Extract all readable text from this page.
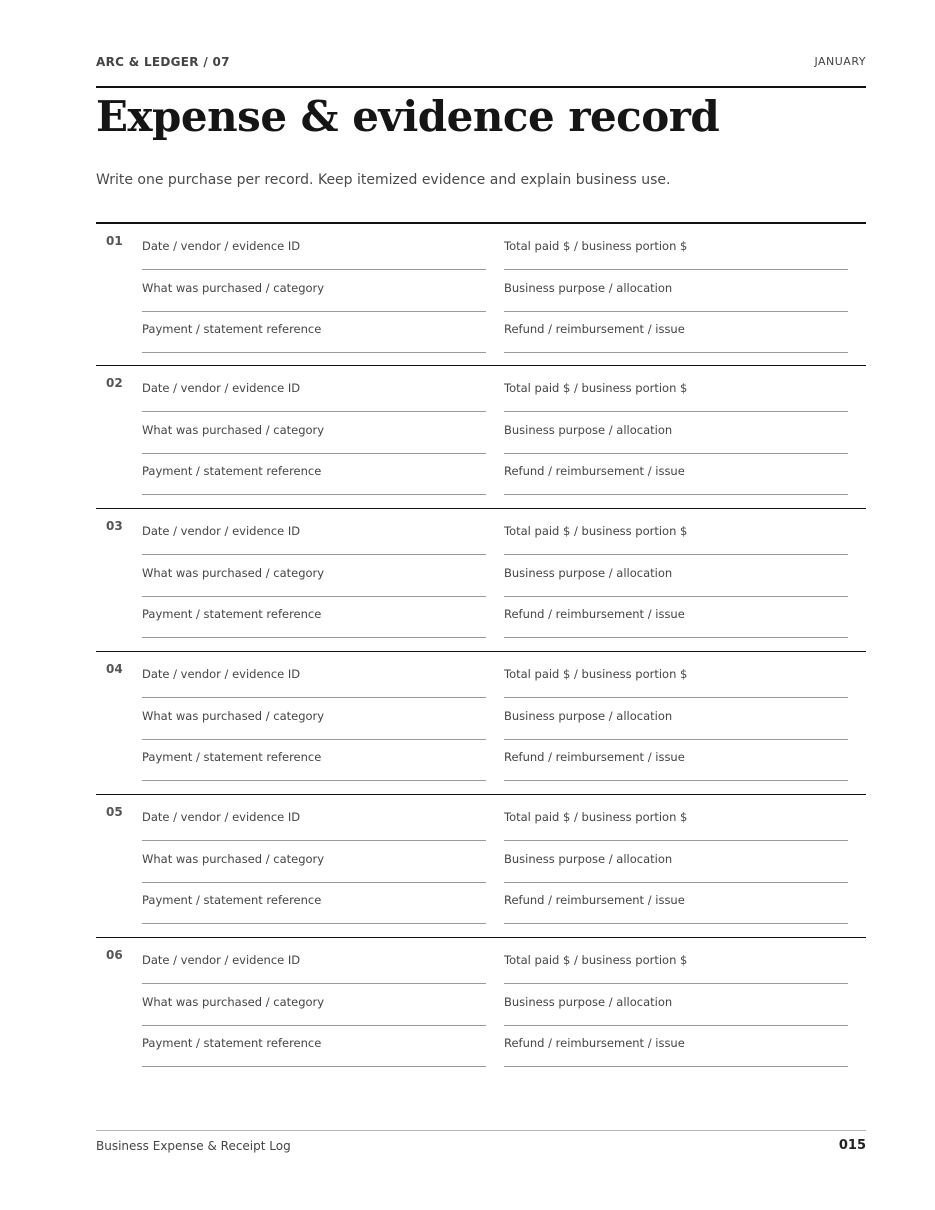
ARC & LEDGER / 07	JANUARY
Expense & evidence record
Write one purchase per record. Keep itemized evidence and explain business use.
01 Date / vendor / evidence ID
What was purchased / category
Payment / statement reference
Total paid $ / business portion $
Business purpose / allocation
Refund / reimbursement / issue
02 Date / vendor / evidence ID
What was purchased / category
Payment / statement reference
Total paid $ / business portion $
Business purpose / allocation
Refund / reimbursement / issue
03 Date / vendor / evidence ID
What was purchased / category
Payment / statement reference
Total paid $ / business portion $
Business purpose / allocation
Refund / reimbursement / issue
04 Date / vendor / evidence ID
What was purchased / category
Payment / statement reference
Total paid $ / business portion $
Business purpose / allocation
Refund / reimbursement / issue
05 Date / vendor / evidence ID
What was purchased / category
Payment / statement reference
Total paid $ / business portion $
Business purpose / allocation
Refund / reimbursement / issue
06 Date / vendor / evidence ID
What was purchased / category
Payment / statement reference
Total paid $ / business portion $
Business purpose / allocation
Refund / reimbursement / issue
Business Expense & Receipt Log	015
